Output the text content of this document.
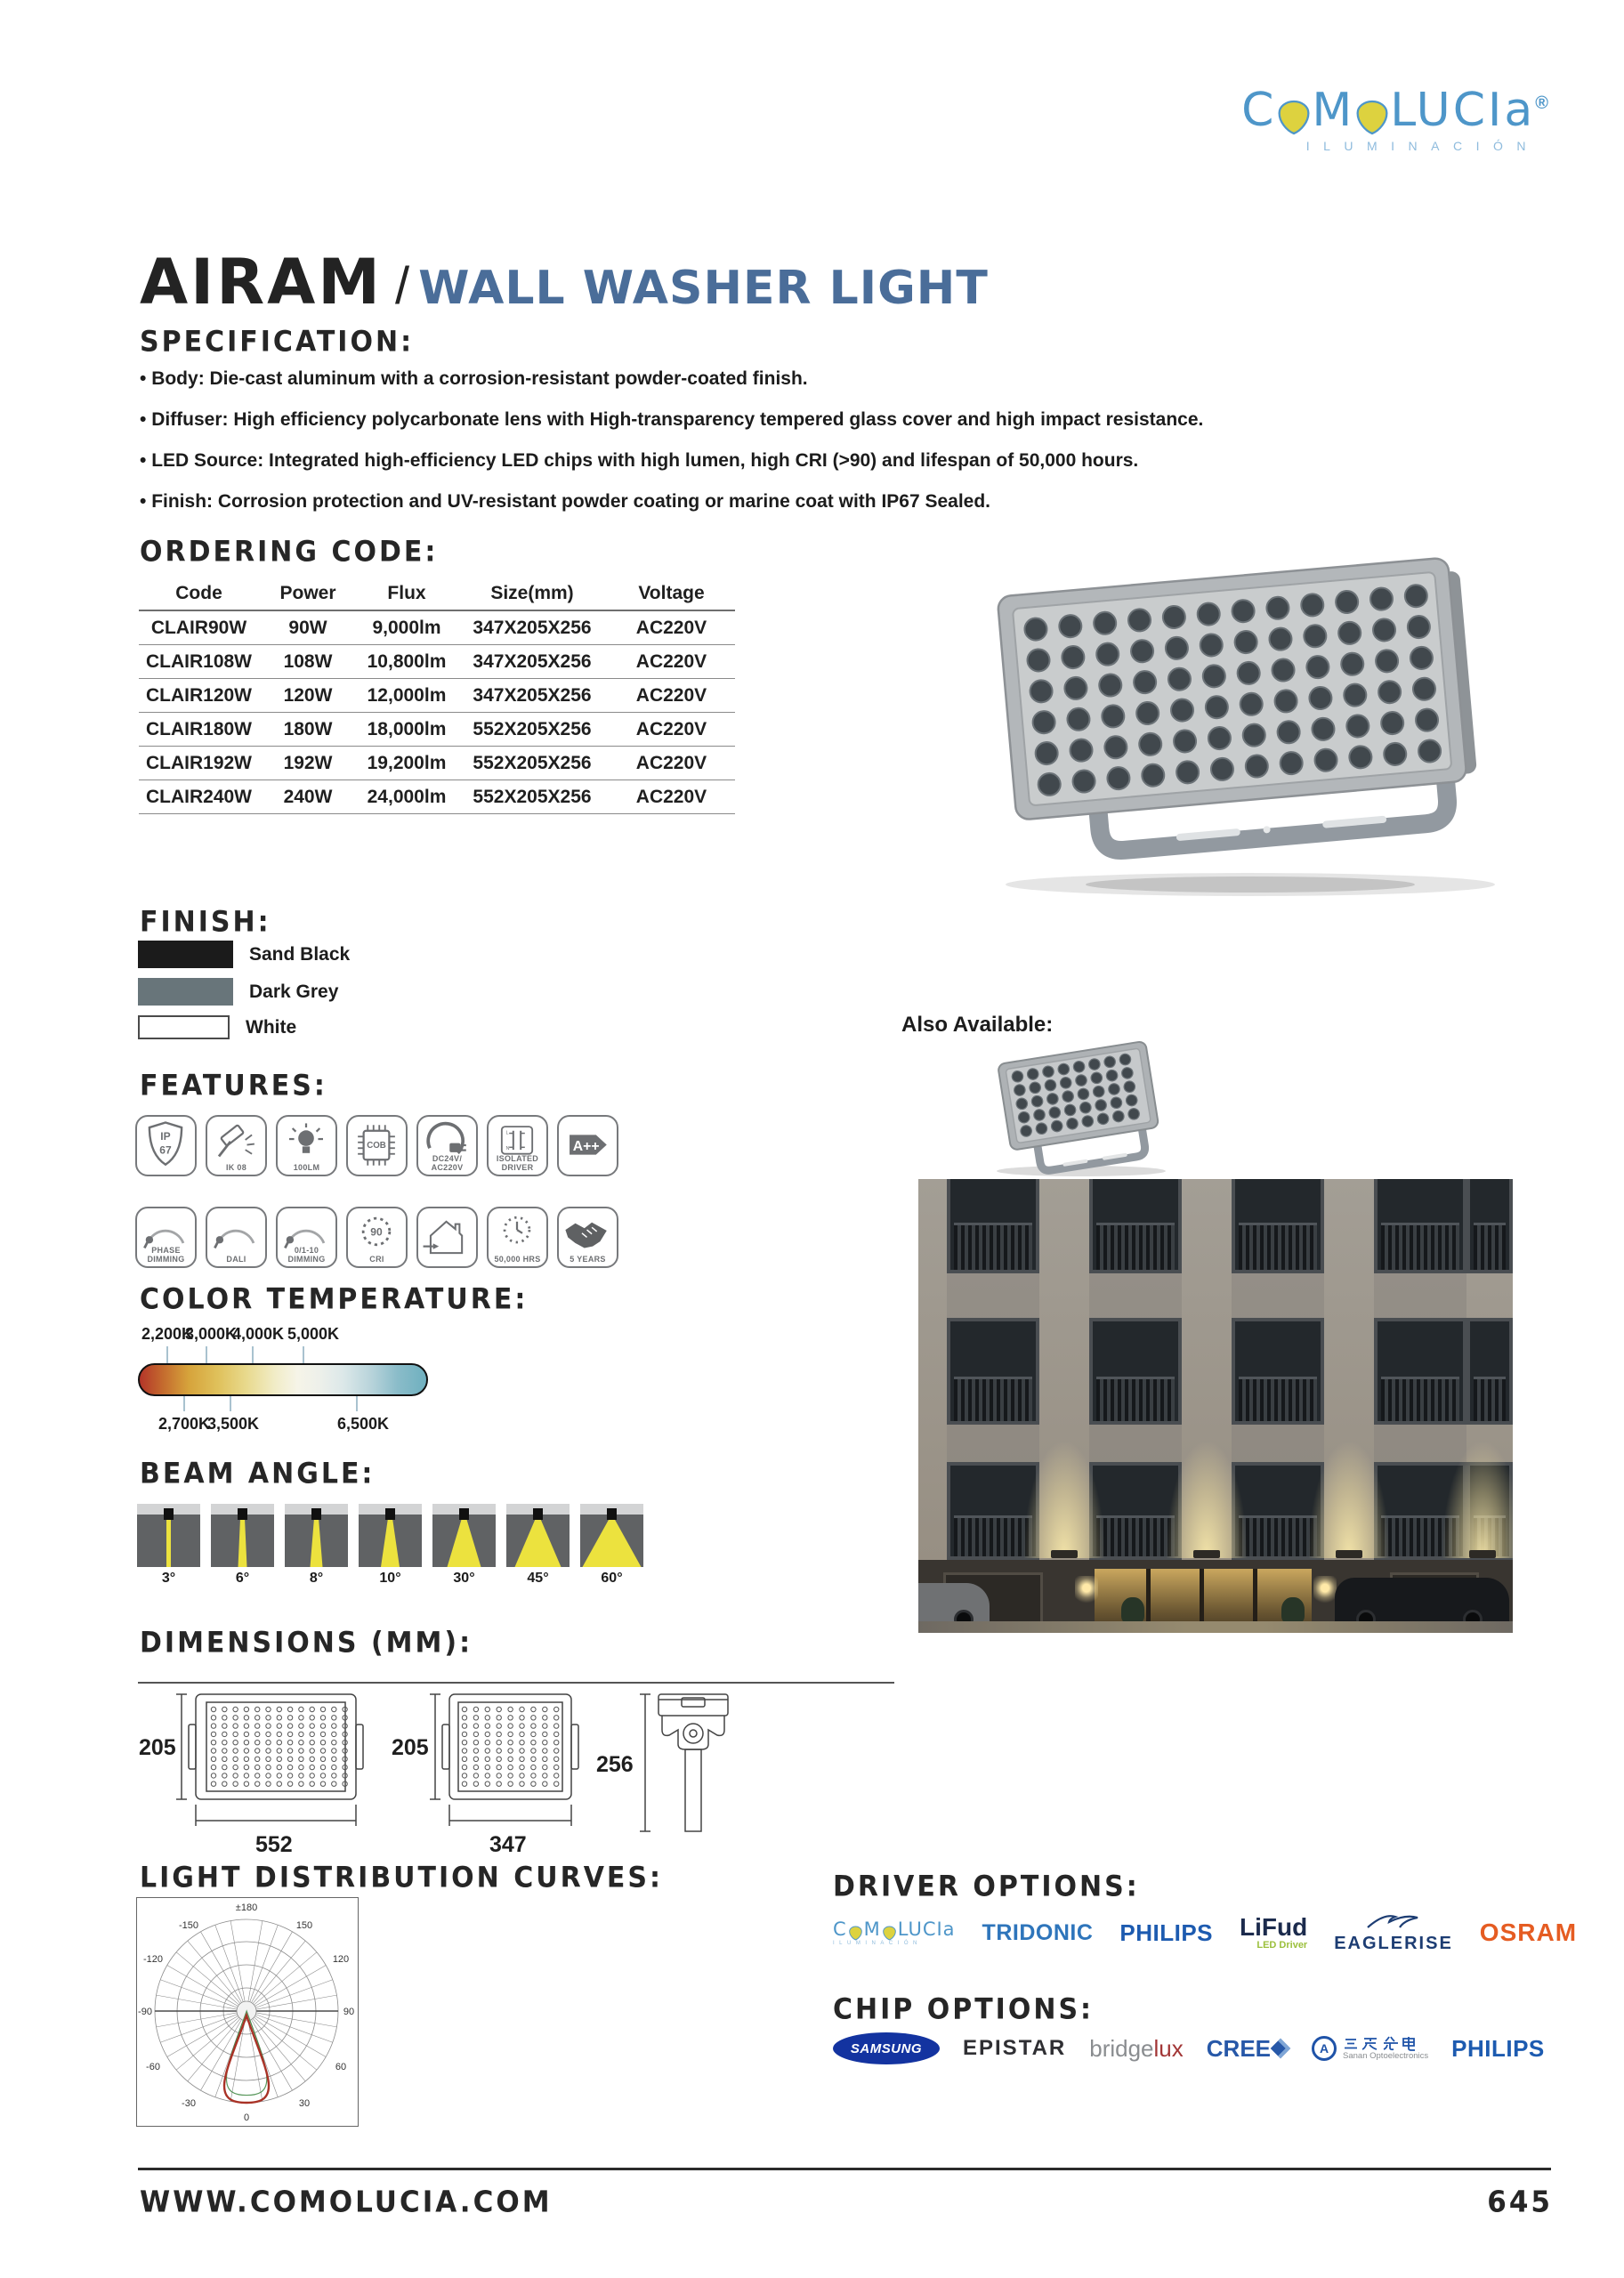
C M LUCIa ®
ILUMINACIÓN
AIRAM / WALL WASHER LIGHT
SPECIFICATION:
• Body: Die-cast aluminum with a corrosion-resistant powder-coated finish.
• Diffuser: High efficiency polycarbonate lens with High-transparency tempered glass cover and high impact resistance.
• LED Source: Integrated high-efficiency LED chips with high lumen, high CRI (>90) and lifespan of 50,000 hours.
• Finish: Corrosion protection and UV-resistant powder coating or marine coat with IP67 Sealed.
ORDERING CODE:
Code	Power	Flux	Size(mm)	Voltage
CLAIR90W	90W	9,000lm	347X205X256	AC220V
CLAIR108W	108W	10,800lm	347X205X256	AC220V
CLAIR120W	120W	12,000lm	347X205X256	AC220V
CLAIR180W	180W	18,000lm	552X205X256	AC220V
CLAIR192W	192W	19,200lm	552X205X256	AC220V
CLAIR240W	240W	24,000lm	552X205X256	AC220V
FINISH:
Sand Black
Dark Grey
White	Also Available:
FEATURES:
IP
67
IK 08	100LM
COB
DC24V/ AC220V
L
N
ISOLATED DRIVER
A++
PHASE DIMMING	DALI
0/1-10 DIMMING
90
CRI	50,000 HRS	5 YEARS
COLOR TEMPERATURE:
2,200K
3,000K
4,000K 5,000K
2,700K
3,500K	6,500K
BEAM ANGLE:
3°	6°	8°	10°	30°	45°	60°
DIMENSIONS (MM):
205
552
205
347
256
LIGHT DISTRIBUTION CURVES:
±180
150
-150
120
-120
90
-90
60
-60
30
-30
0
DRIVER OPTIONS:
C M LUCIa
ILUMINACIÓN	TRIDONIC PHILIPS LiFud
LED Driver EAGLERISE OSRAM
CHIP OPTIONS:
SAMSUNG	EPISTAR bridgelux CREE	A
Sanan Optoelectronics PHILIPS
WWW.COMOLUCIA.COM	645
